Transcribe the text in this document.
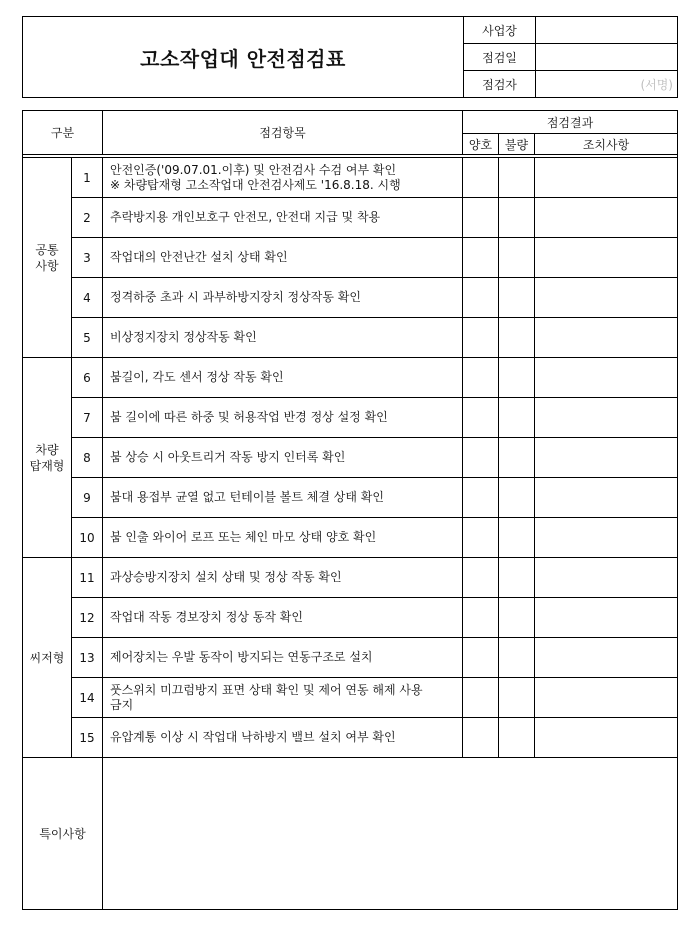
고소작업대 안전점검표	사업장	
	점검일	
	점검자	(서명)
구분		점검항목	점검결과		
			양호	불량	조치사항

공통
사항	1	안전인증('09.07.01.이후) 및 안전검사 수검 여부 확인
※ 차량탑재형 고소작업대 안전검사제도 '16.8.18. 시행			
	2	추락방지용 개인보호구 안전모, 안전대 지급 및 착용			
	3	작업대의 안전난간 설치 상태 확인			
	4	정격하중 초과 시 과부하방지장치 정상작동 확인			
	5	비상정지장치 정상작동 확인			
차량
탑재형	6	붐길이, 각도 센서 정상 작동 확인			
	7	붐 길이에 따른 하중 및 허용작업 반경 정상 설정 확인			
	8	붐 상승 시 아웃트리거 작동 방지 인터록 확인			
	9	붐대 용접부 균열 없고 턴테이블 볼트 체결 상태 확인			
	10	붐 인출 와이어 로프 또는 체인 마모 상태 양호 확인			
씨저형	11	과상승방지장치 설치 상태 및 정상 작동 확인			
	12	작업대 작동 경보장치 정상 동작 확인			
	13	제어장치는 우발 동작이 방지되는 연동구조로 설치			
	14	풋스위치 미끄럼방지 표면 상태 확인 및 제어 연동 해제 사용
금지			
	15	유압계통 이상 시 작업대 낙하방지 밸브 설치 여부 확인			
특이사항					
